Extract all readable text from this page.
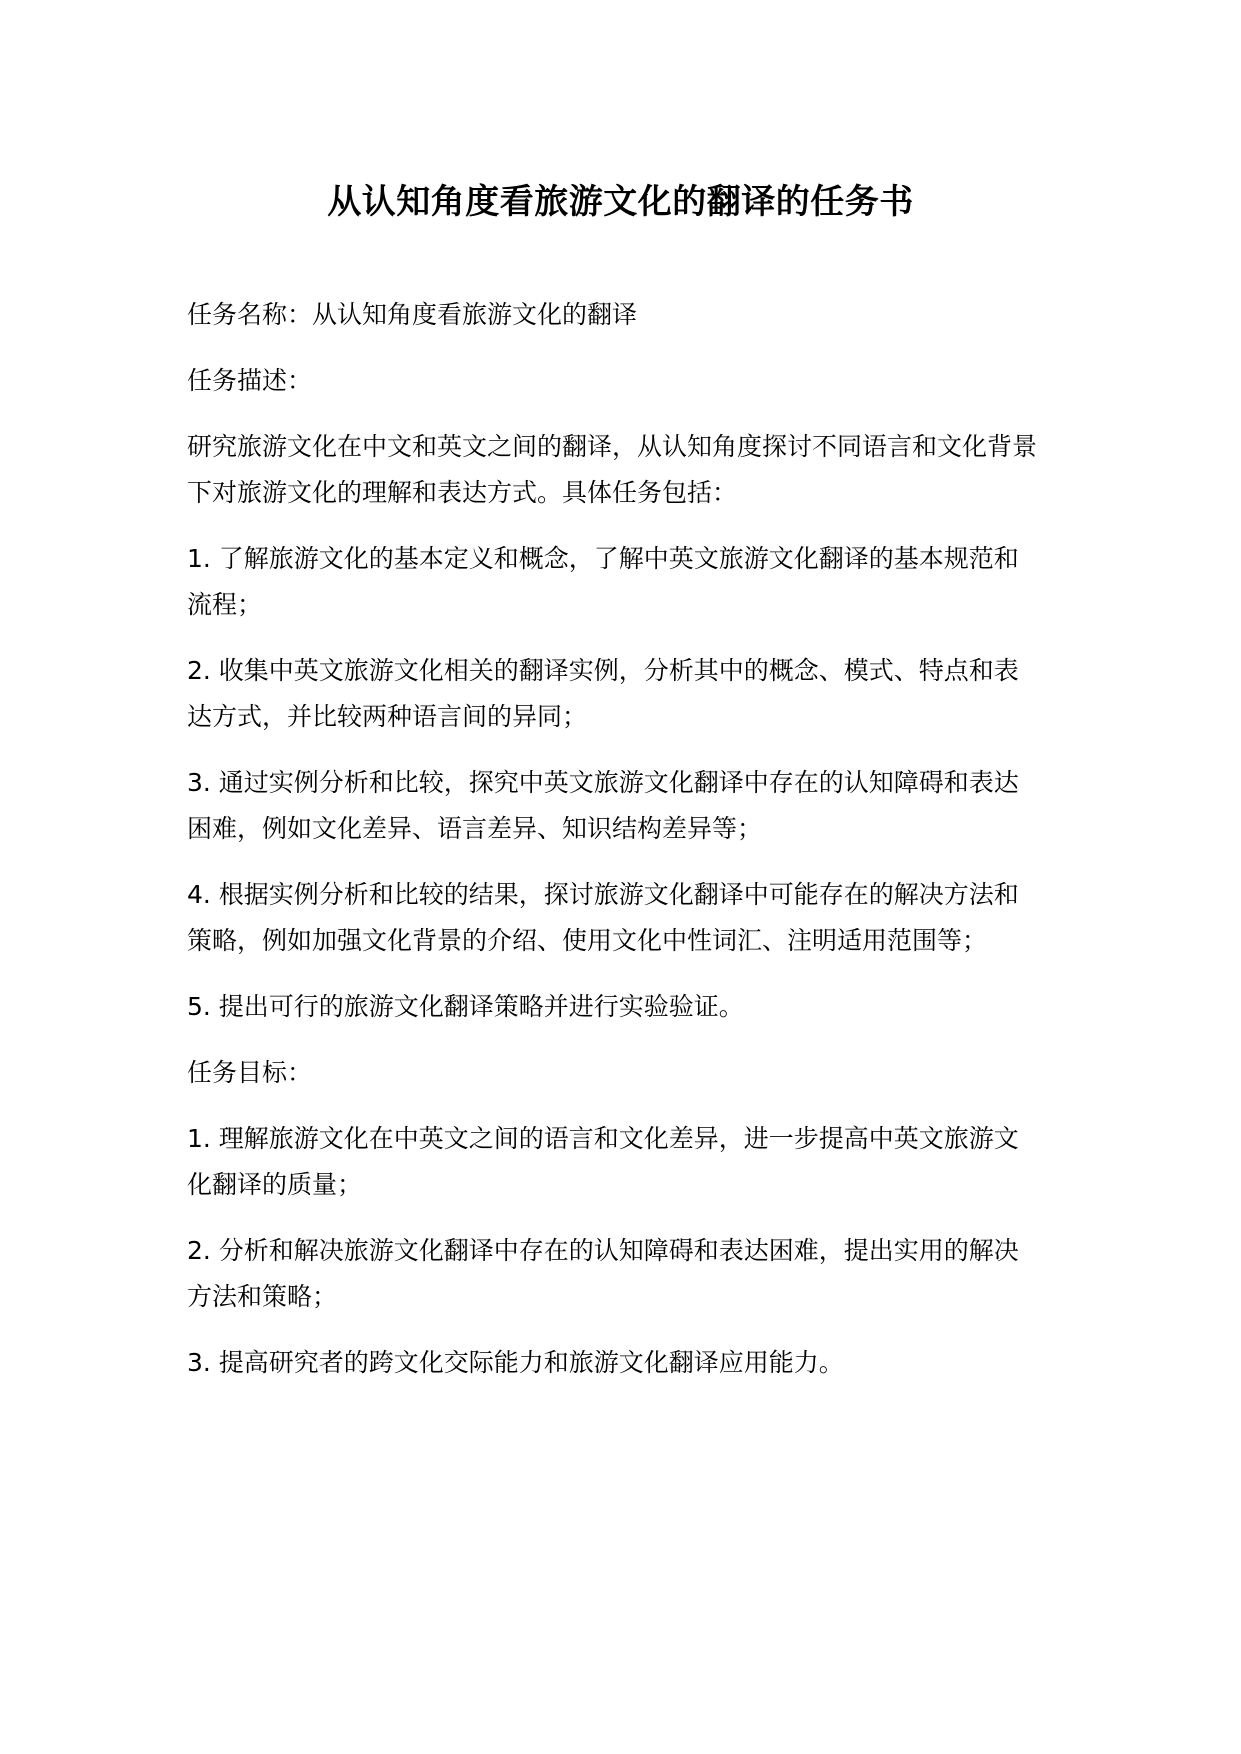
从认知角度看旅游文化的翻译的任务书

任务名称：从认知角度看旅游文化的翻译

任务描述：

研究旅游文化在中文和英文之间的翻译，从认知角度探讨不同语言和文化背景下对旅游文化的理解和表达方式。具体任务包括：

1. 了解旅游文化的基本定义和概念，了解中英文旅游文化翻译的基本规范和流程；

2. 收集中英文旅游文化相关的翻译实例，分析其中的概念、模式、特点和表达方式，并比较两种语言间的异同；

3. 通过实例分析和比较，探究中英文旅游文化翻译中存在的认知障碍和表达困难，例如文化差异、语言差异、知识结构差异等；

4. 根据实例分析和比较的结果，探讨旅游文化翻译中可能存在的解决方法和策略，例如加强文化背景的介绍、使用文化中性词汇、注明适用范围等；

5. 提出可行的旅游文化翻译策略并进行实验验证。

任务目标：

1. 理解旅游文化在中英文之间的语言和文化差异，进一步提高中英文旅游文化翻译的质量；

2. 分析和解决旅游文化翻译中存在的认知障碍和表达困难，提出实用的解决方法和策略；

3. 提高研究者的跨文化交际能力和旅游文化翻译应用能力。
